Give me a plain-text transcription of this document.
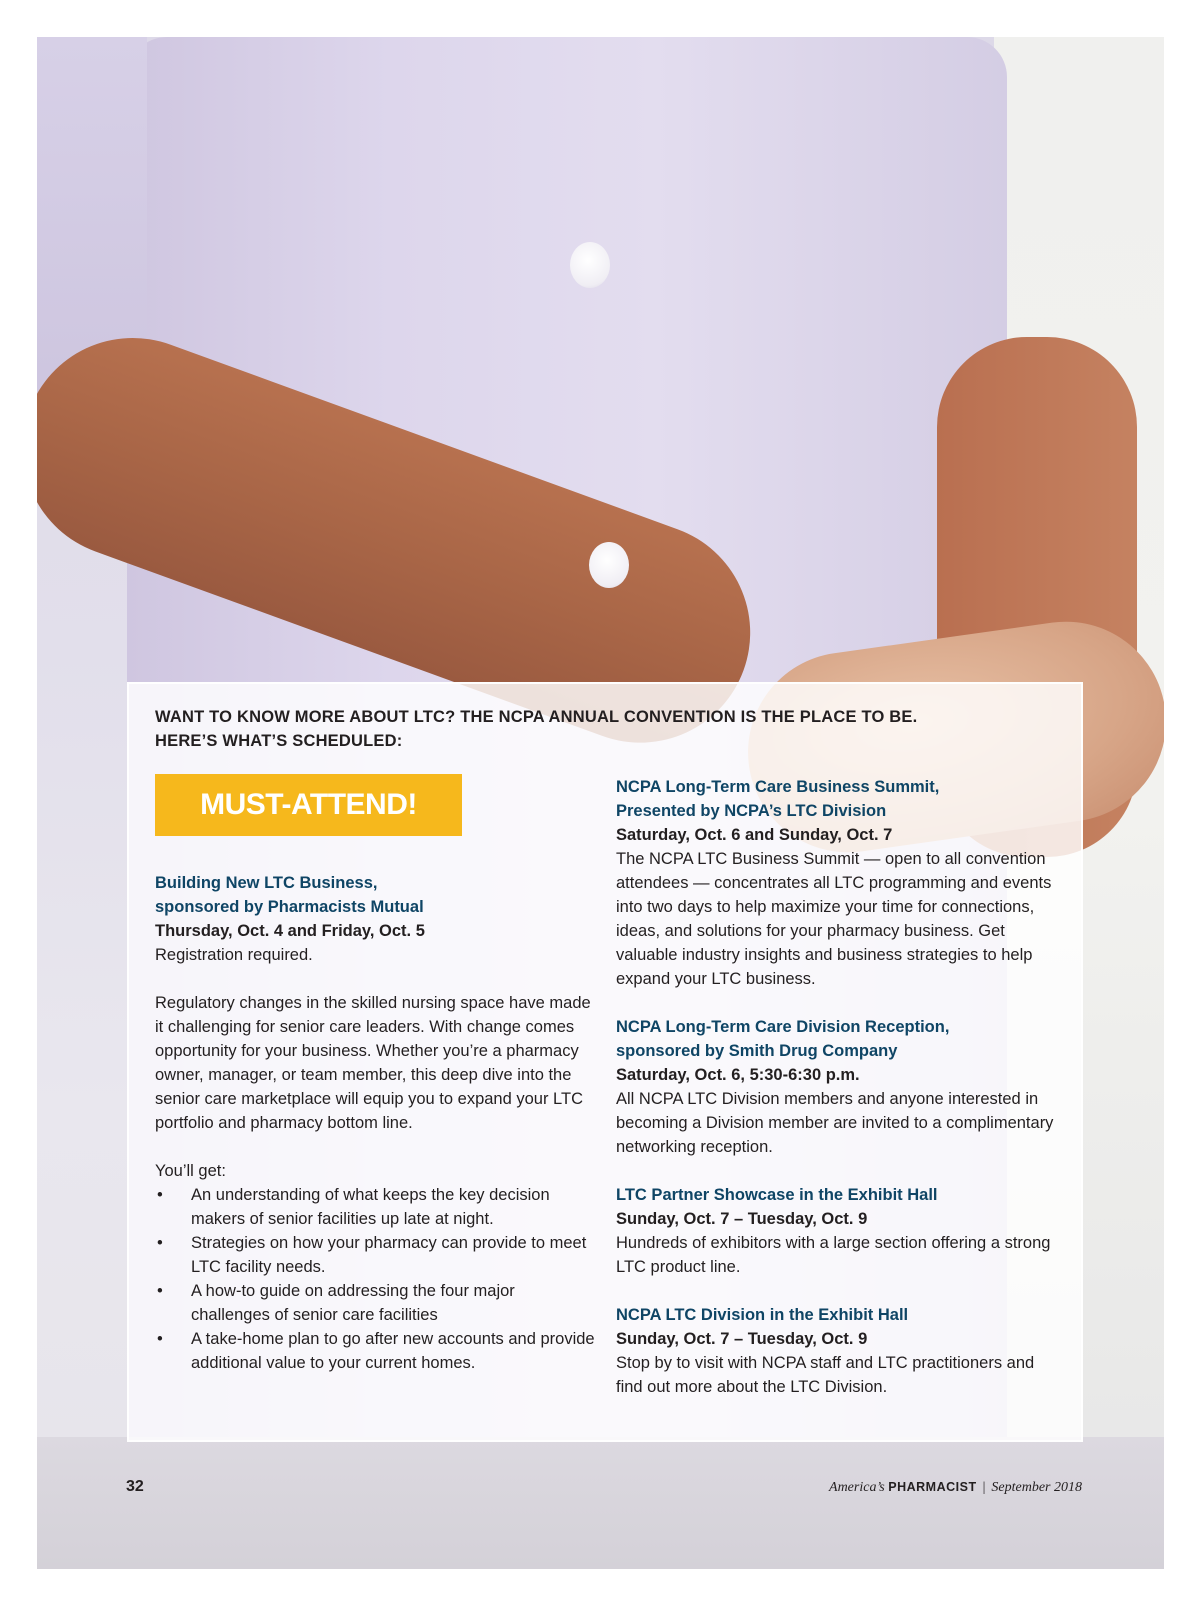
WANT TO KNOW MORE ABOUT LTC? THE NCPA ANNUAL CONVENTION IS THE PLACE TO BE.
HERE’S WHAT’S SCHEDULED:
MUST-ATTEND!
Building New LTC Business,
sponsored by Pharmacists Mutual
Thursday, Oct. 4 and Friday, Oct. 5
Registration required.

Regulatory changes in the skilled nursing space have made it challenging for senior care leaders. With change comes opportunity for your business. Whether you’re a pharmacy owner, manager, or team member, this deep dive into the senior care marketplace will equip you to expand your LTC portfolio and pharmacy bottom line.

You’ll get:
• An understanding of what keeps the key decision makers of senior facilities up late at night.
• Strategies on how your pharmacy can provide to meet LTC facility needs.
• A how-to guide on addressing the four major challenges of senior care facilities
• A take-home plan to go after new accounts and provide additional value to your current homes.
NCPA Long-Term Care Business Summit,
Presented by NCPA’s LTC Division
Saturday, Oct. 6 and Sunday, Oct. 7

The NCPA LTC Business Summit — open to all convention attendees — concentrates all LTC programming and events into two days to help maximize your time for connections, ideas, and solutions for your pharmacy business. Get valuable industry insights and business strategies to help expand your LTC business.

NCPA Long-Term Care Division Reception,
sponsored by Smith Drug Company
Saturday, Oct. 6, 5:30-6:30 p.m.

All NCPA LTC Division members and anyone interested in becoming a Division member are invited to a complimentary networking reception.

LTC Partner Showcase in the Exhibit Hall
Sunday, Oct. 7 – Tuesday, Oct. 9

Hundreds of exhibitors with a large section offering a strong LTC product line.

NCPA LTC Division in the Exhibit Hall
Sunday, Oct. 7 – Tuesday, Oct. 9

Stop by to visit with NCPA staff and LTC practitioners and find out more about the LTC Division.

32	America’s PHARMACIST | September 2018
